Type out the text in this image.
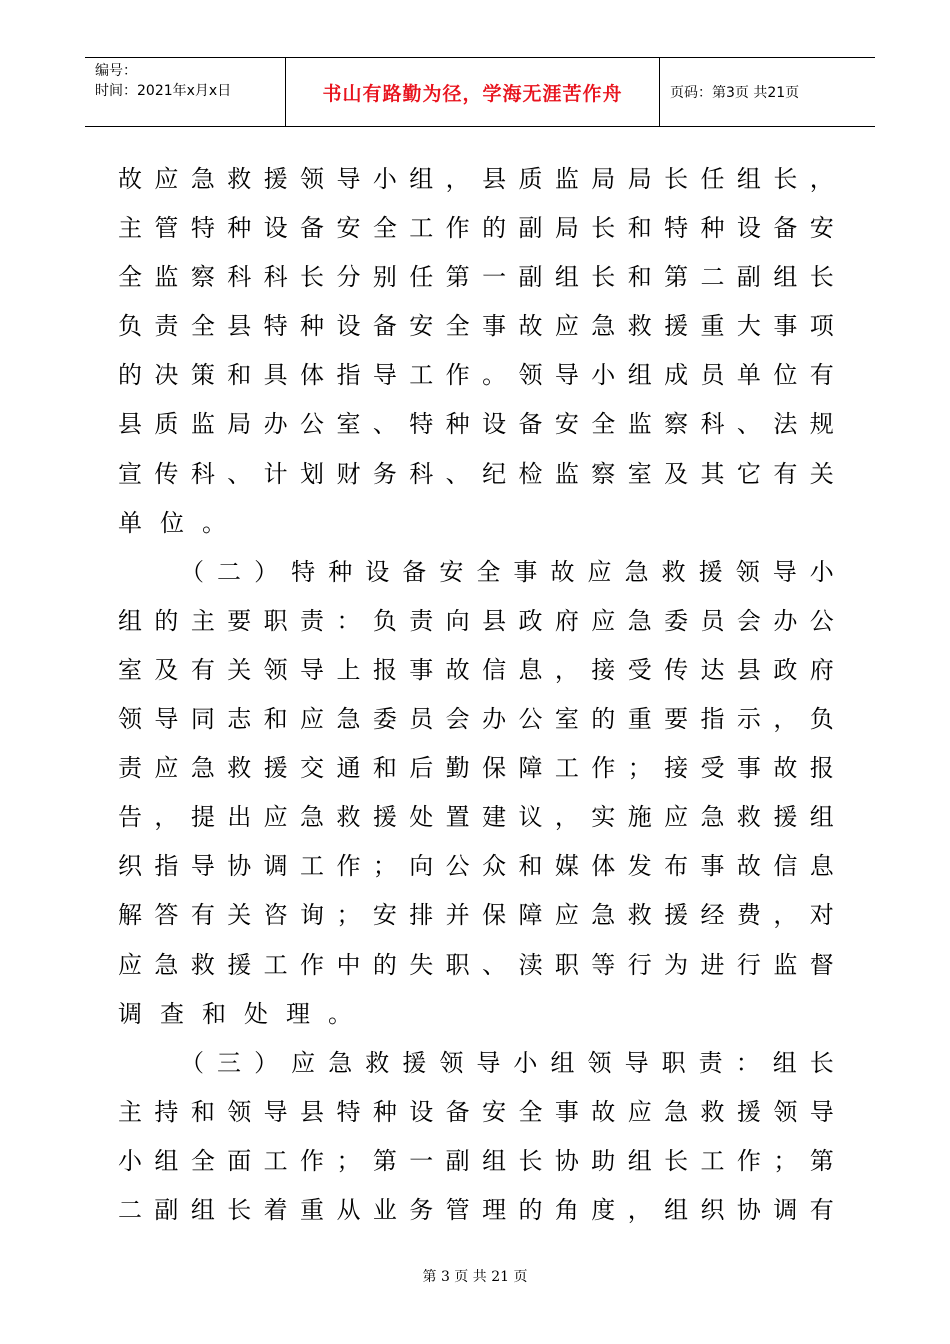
编号：
时间：2021年x月x日	书山有路勤为径，学海无涯苦作舟	页码：第3页 共21页
故 应 急 救 援 领 导 小 组 ， 县 质 监 局 局 长 任 组 长 ，
主 管 特 种 设 备 安 全 工 作 的 副 局 长 和 特 种 设 备 安
全 监 察 科 科 长 分 别 任 第 一 副 组 长 和 第 二 副 组 长
负 责 全 县 特 种 设 备 安 全 事 故 应 急 救 援 重 大 事 项
的 决 策 和 具 体 指 导 工 作 。 领 导 小 组 成 员 单 位 有
县 质 监 局 办 公 室 、 特 种 设 备 安 全 监 察 科 、 法 规
宣 传 科 、 计 划 财 务 科 、 纪 检 监 察 室 及 其 它 有 关
单 位 。
（ 二 ） 特 种 设 备 安 全 事 故 应 急 救 援 领 导 小
组 的 主 要 职 责 ： 负 责 向 县 政 府 应 急 委 员 会 办 公
室 及 有 关 领 导 上 报 事 故 信 息 ， 接 受 传 达 县 政 府
领 导 同 志 和 应 急 委 员 会 办 公 室 的 重 要 指 示 ， 负
责 应 急 救 援 交 通 和 后 勤 保 障 工 作 ； 接 受 事 故 报
告 ， 提 出 应 急 救 援 处 置 建 议 ， 实 施 应 急 救 援 组
织 指 导 协 调 工 作 ； 向 公 众 和 媒 体 发 布 事 故 信 息
解 答 有 关 咨 询 ； 安 排 并 保 障 应 急 救 援 经 费 ， 对
应 急 救 援 工 作 中 的 失 职 、 渎 职 等 行 为 进 行 监 督
调 查 和 处 理 。
（ 三 ） 应 急 救 援 领 导 小 组 领 导 职 责 ： 组 长
主 持 和 领 导 县 特 种 设 备 安 全 事 故 应 急 救 援 领 导
小 组 全 面 工 作 ； 第 一 副 组 长 协 助 组 长 工 作 ； 第
二 副 组 长 着 重 从 业 务 管 理 的 角 度 ， 组 织 协 调 有
第 3 页 共 21 页
